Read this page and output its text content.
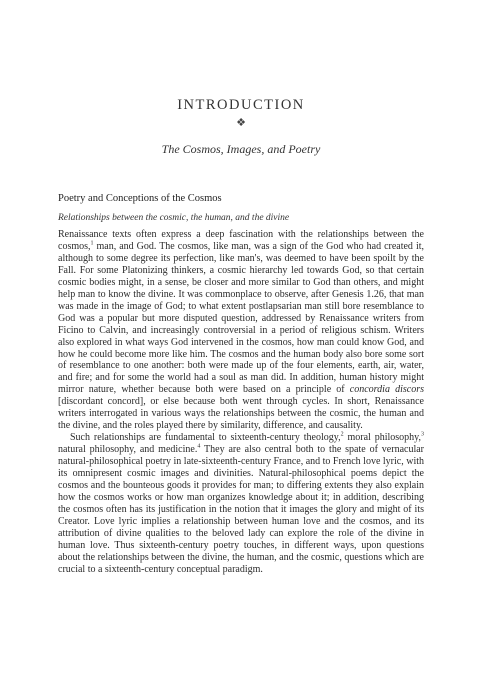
INTRODUCTION
❖
The Cosmos, Images, and Poetry
Poetry and Conceptions of the Cosmos
Relationships between the cosmic, the human, and the divine

Renaissance texts often express a deep fascination with the relationships between the cosmos,$^1$ man, and God. The cosmos, like man, was a sign of the God who had created it, although to some degree its perfection, like man's, was deemed to have been spoilt by the Fall. For some Platonizing thinkers, a cosmic hierarchy led towards God, so that certain cosmic bodies might, in a sense, be closer and more similar to God than others, and might help man to know the divine. It was commonplace to observe, after Genesis 1.26, that man was made in the image of God; to what extent postlapsarian man still bore resemblance to God was a popular but more disputed question, addressed by Renaissance writers from Ficino to Calvin, and increasingly controversial in a period of religious schism. Writers also explored in what ways God intervened in the cosmos, how man could know God, and how he could become more like him. The cosmos and the human body also bore some sort of resemblance to one another: both were made up of the four elements, earth, air, water, and fire; and for some the world had a soul as man did. In addition, human history might mirror nature, whether because both were based on a principle of concordia discors [discordant concord], or else because both went through cycles. In short, Renaissance writers interrogated in various ways the relationships between the cosmic, the human and the divine, and the roles played there by similarity, difference, and causality.

Such relationships are fundamental to sixteenth-century theology,$^2$ moral philosophy,$^3$ natural philosophy, and medicine.$^4$ They are also central both to the spate of vernacular natural-philosophical poetry in late-sixteenth-century France, and to French love lyric, with its omnipresent cosmic images and divinities. Natural-philosophical poems depict the cosmos and the bounteous goods it provides for man; to differing extents they also explain how the cosmos works or how man organizes knowledge about it; in addition, describing the cosmos often has its justification in the notion that it images the glory and might of its Creator. Love lyric implies a relationship between human love and the cosmos, and its attribution of divine qualities to the beloved lady can explore the role of the divine in human love. Thus sixteenth-century poetry touches, in different ways, upon questions about the relationships between the divine, the human, and the cosmic, questions which are crucial to a sixteenth-century conceptual paradigm.
